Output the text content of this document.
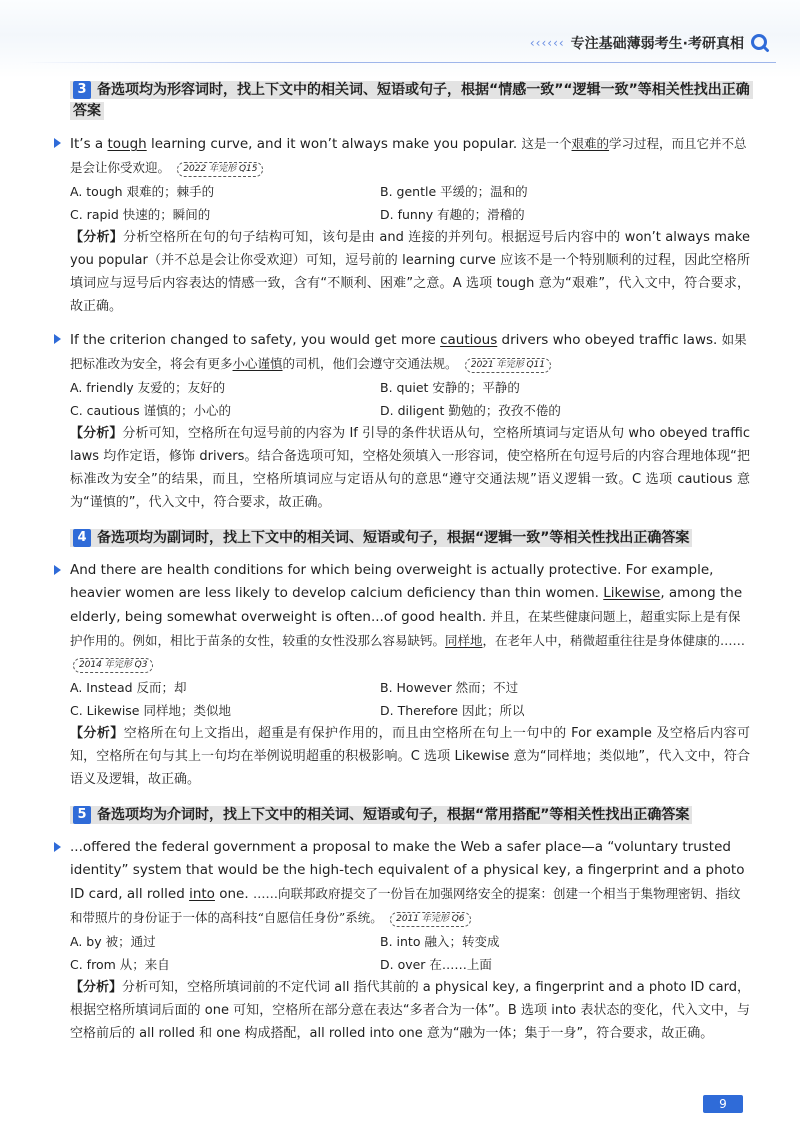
‹‹‹‹‹‹ 专注基础薄弱考生·考研真相
3 备选项均为形容词时，找上下文中的相关词、短语或句子，根据“情感一致”“逻辑一致”等相关性找出正确答案
It’s a tough learning curve, and it won’t always make you popular. 这是一个艰难的学习过程，而且它并不总是会让你受欢迎。 2022 年完形 Q15
A. tough 艰难的；棘手的	B. gentle 平缓的；温和的
C. rapid 快速的；瞬间的	D. funny 有趣的；滑稽的
【分析】分析空格所在句的句子结构可知，该句是由 and 连接的并列句。根据逗号后内容中的 won’t always make you popular（并不总是会让你受欢迎）可知，逗号前的 learning curve 应该不是一个特别顺利的过程，因此空格所填词应与逗号后内容表达的情感一致，含有“不顺利、困难”之意。A 选项 tough 意为“艰难”，代入文中，符合要求，故正确。
If the criterion changed to safety, you would get more cautious drivers who obeyed traffic laws. 如果把标准改为安全，将会有更多小心谨慎的司机，他们会遵守交通法规。 2021 年完形 Q11
A. friendly 友爱的；友好的	B. quiet 安静的；平静的
C. cautious 谨慎的；小心的	D. diligent 勤勉的；孜孜不倦的
【分析】分析可知，空格所在句逗号前的内容为 If 引导的条件状语从句，空格所填词与定语从句 who obeyed traffic laws 均作定语，修饰 drivers。结合备选项可知，空格处须填入一形容词，使空格所在句逗号后的内容合理地体现“把标准改为安全”的结果，而且，空格所填词应与定语从句的意思“遵守交通法规”语义逻辑一致。C 选项 cautious 意为“谨慎的”，代入文中，符合要求，故正确。
4 备选项均为副词时，找上下文中的相关词、短语或句子，根据“逻辑一致”等相关性找出正确答案
And there are health conditions for which being overweight is actually protective. For example, heavier women are less likely to develop calcium deficiency than thin women. Likewise, among the elderly, being somewhat overweight is often...of good health. 并且，在某些健康问题上，超重实际上是有保护作用的。例如，相比于苗条的女性，较重的女性没那么容易缺钙。同样地，在老年人中，稍微超重往往是身体健康的…… 2014 年完形 Q3
A. Instead 反而；却	B. However 然而；不过
C. Likewise 同样地；类似地	D. Therefore 因此；所以
【分析】空格所在句上文指出，超重是有保护作用的，而且由空格所在句上一句中的 For example 及空格后内容可知，空格所在句与其上一句均在举例说明超重的积极影响。C 选项 Likewise 意为“同样地；类似地”，代入文中，符合语义及逻辑，故正确。
5 备选项均为介词时，找上下文中的相关词、短语或句子，根据“常用搭配”等相关性找出正确答案
...offered the federal government a proposal to make the Web a safer place—a “voluntary trusted identity” system that would be the high-tech equivalent of a physical key, a fingerprint and a photo ID card, all rolled into one. ……向联邦政府提交了一份旨在加强网络安全的提案：创建一个相当于集物理密钥、指纹和带照片的身份证于一体的高科技“自愿信任身份”系统。 2011 年完形 Q6
A. by 被；通过	B. into 融入；转变成
C. from 从；来自	D. over 在……上面
【分析】分析可知，空格所填词前的不定代词 all 指代其前的 a physical key, a fingerprint and a photo ID card，根据空格所填词后面的 one 可知，空格所在部分意在表达“多者合为一体”。B 选项 into 表状态的变化，代入文中，与空格前后的 all rolled 和 one 构成搭配，all rolled into one 意为“融为一体；集于一身”，符合要求，故正确。
9
